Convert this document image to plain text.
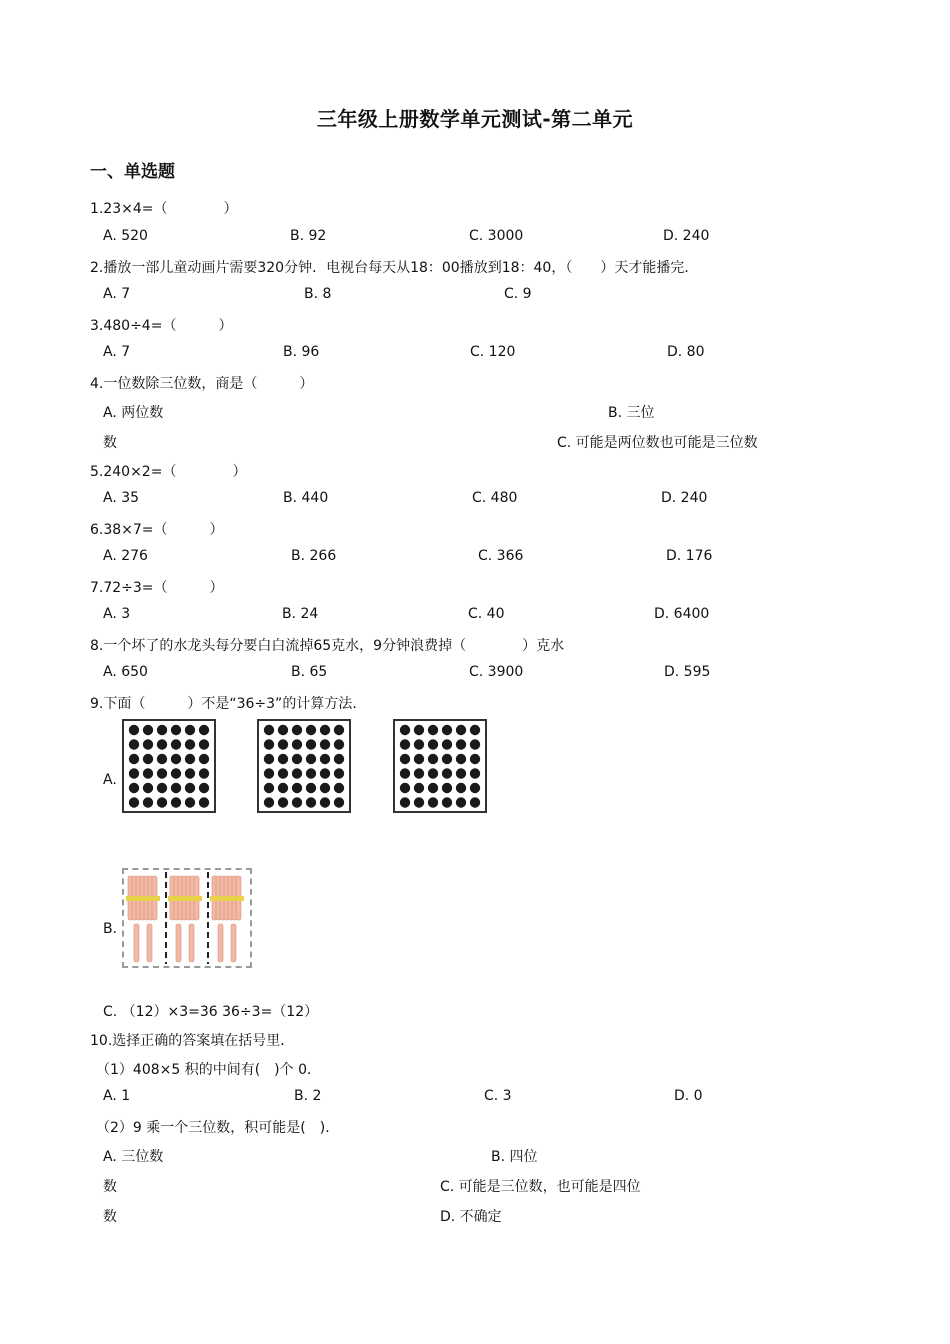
三年级上册数学单元测试-第二单元
一、单选题
1.23×4=（　　　　）
A. 520	B. 92	C. 3000	D. 240
2.播放一部儿童动画片需要320分钟．电视台每天从18：00播放到18：40，（　　）天才能播完．
A. 7	B. 8	C. 9
3.480÷4=（　　　）
A. 7	B. 96	C. 120	D. 80
4.一位数除三位数，商是（　　　）
A. 两位数	B. 三位
数	C. 可能是两位数也可能是三位数
5.240×2=（　　　　）
A. 35	B. 440	C. 480	D. 240
6.38×7=（　　　）
A. 276	B. 266	C. 366	D. 176
7.72÷3=（　　　）
A. 3	B. 24	C. 40	D. 6400
8.一个坏了的水龙头每分要白白流掉65克水，9分钟浪费掉（　　　　）克水
A. 650	B. 65	C. 3900	D. 595
9.下面（　　　）不是“36÷3”的计算方法．
A.
B.
C. （12）×3=36 36÷3=（12）
10.选择正确的答案填在括号里．
（1）408×5 积的中间有(　)个 0．
A. 1	B. 2	C. 3	D. 0
（2）9 乘一个三位数，积可能是(　)．
A. 三位数	B. 四位
数	C. 可能是三位数，也可能是四位
数	D. 不确定
